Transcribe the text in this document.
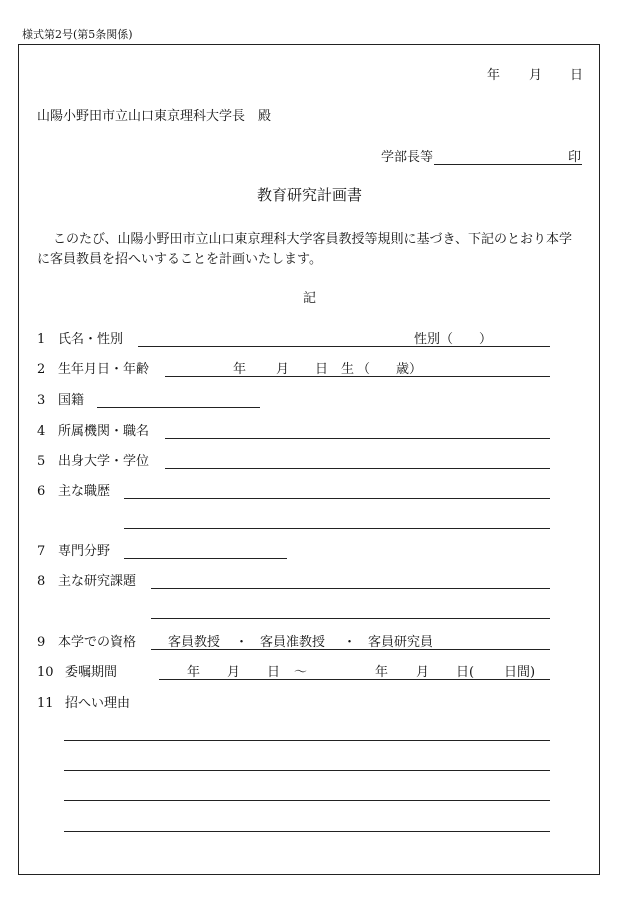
様式第2号(第5条関係)
年 月 日
山陽小野田市立山口東京理科大学長　殿
学部長等	印
教育研究計画書
このたび、山陽小野田市立山口東京理科大学客員教授等規則に基づき、下記のとおり本学
に客員教員を招へいすることを計画いたします。
記
1 氏名・性別	性別（　　）
2 生年月日・年齢	年 月 日 生 （　　歳）
3 国籍
4 所属機関・職名
5 出身大学・学位
6 主な職歴
7 専門分野
8 主な研究課題
9 本学での資格 客員教授 ・ 客員准教授 ・ 客員研究員
10 委嘱期間	年 月 日 ～	年 月 日( 日間)
11 招へい理由
